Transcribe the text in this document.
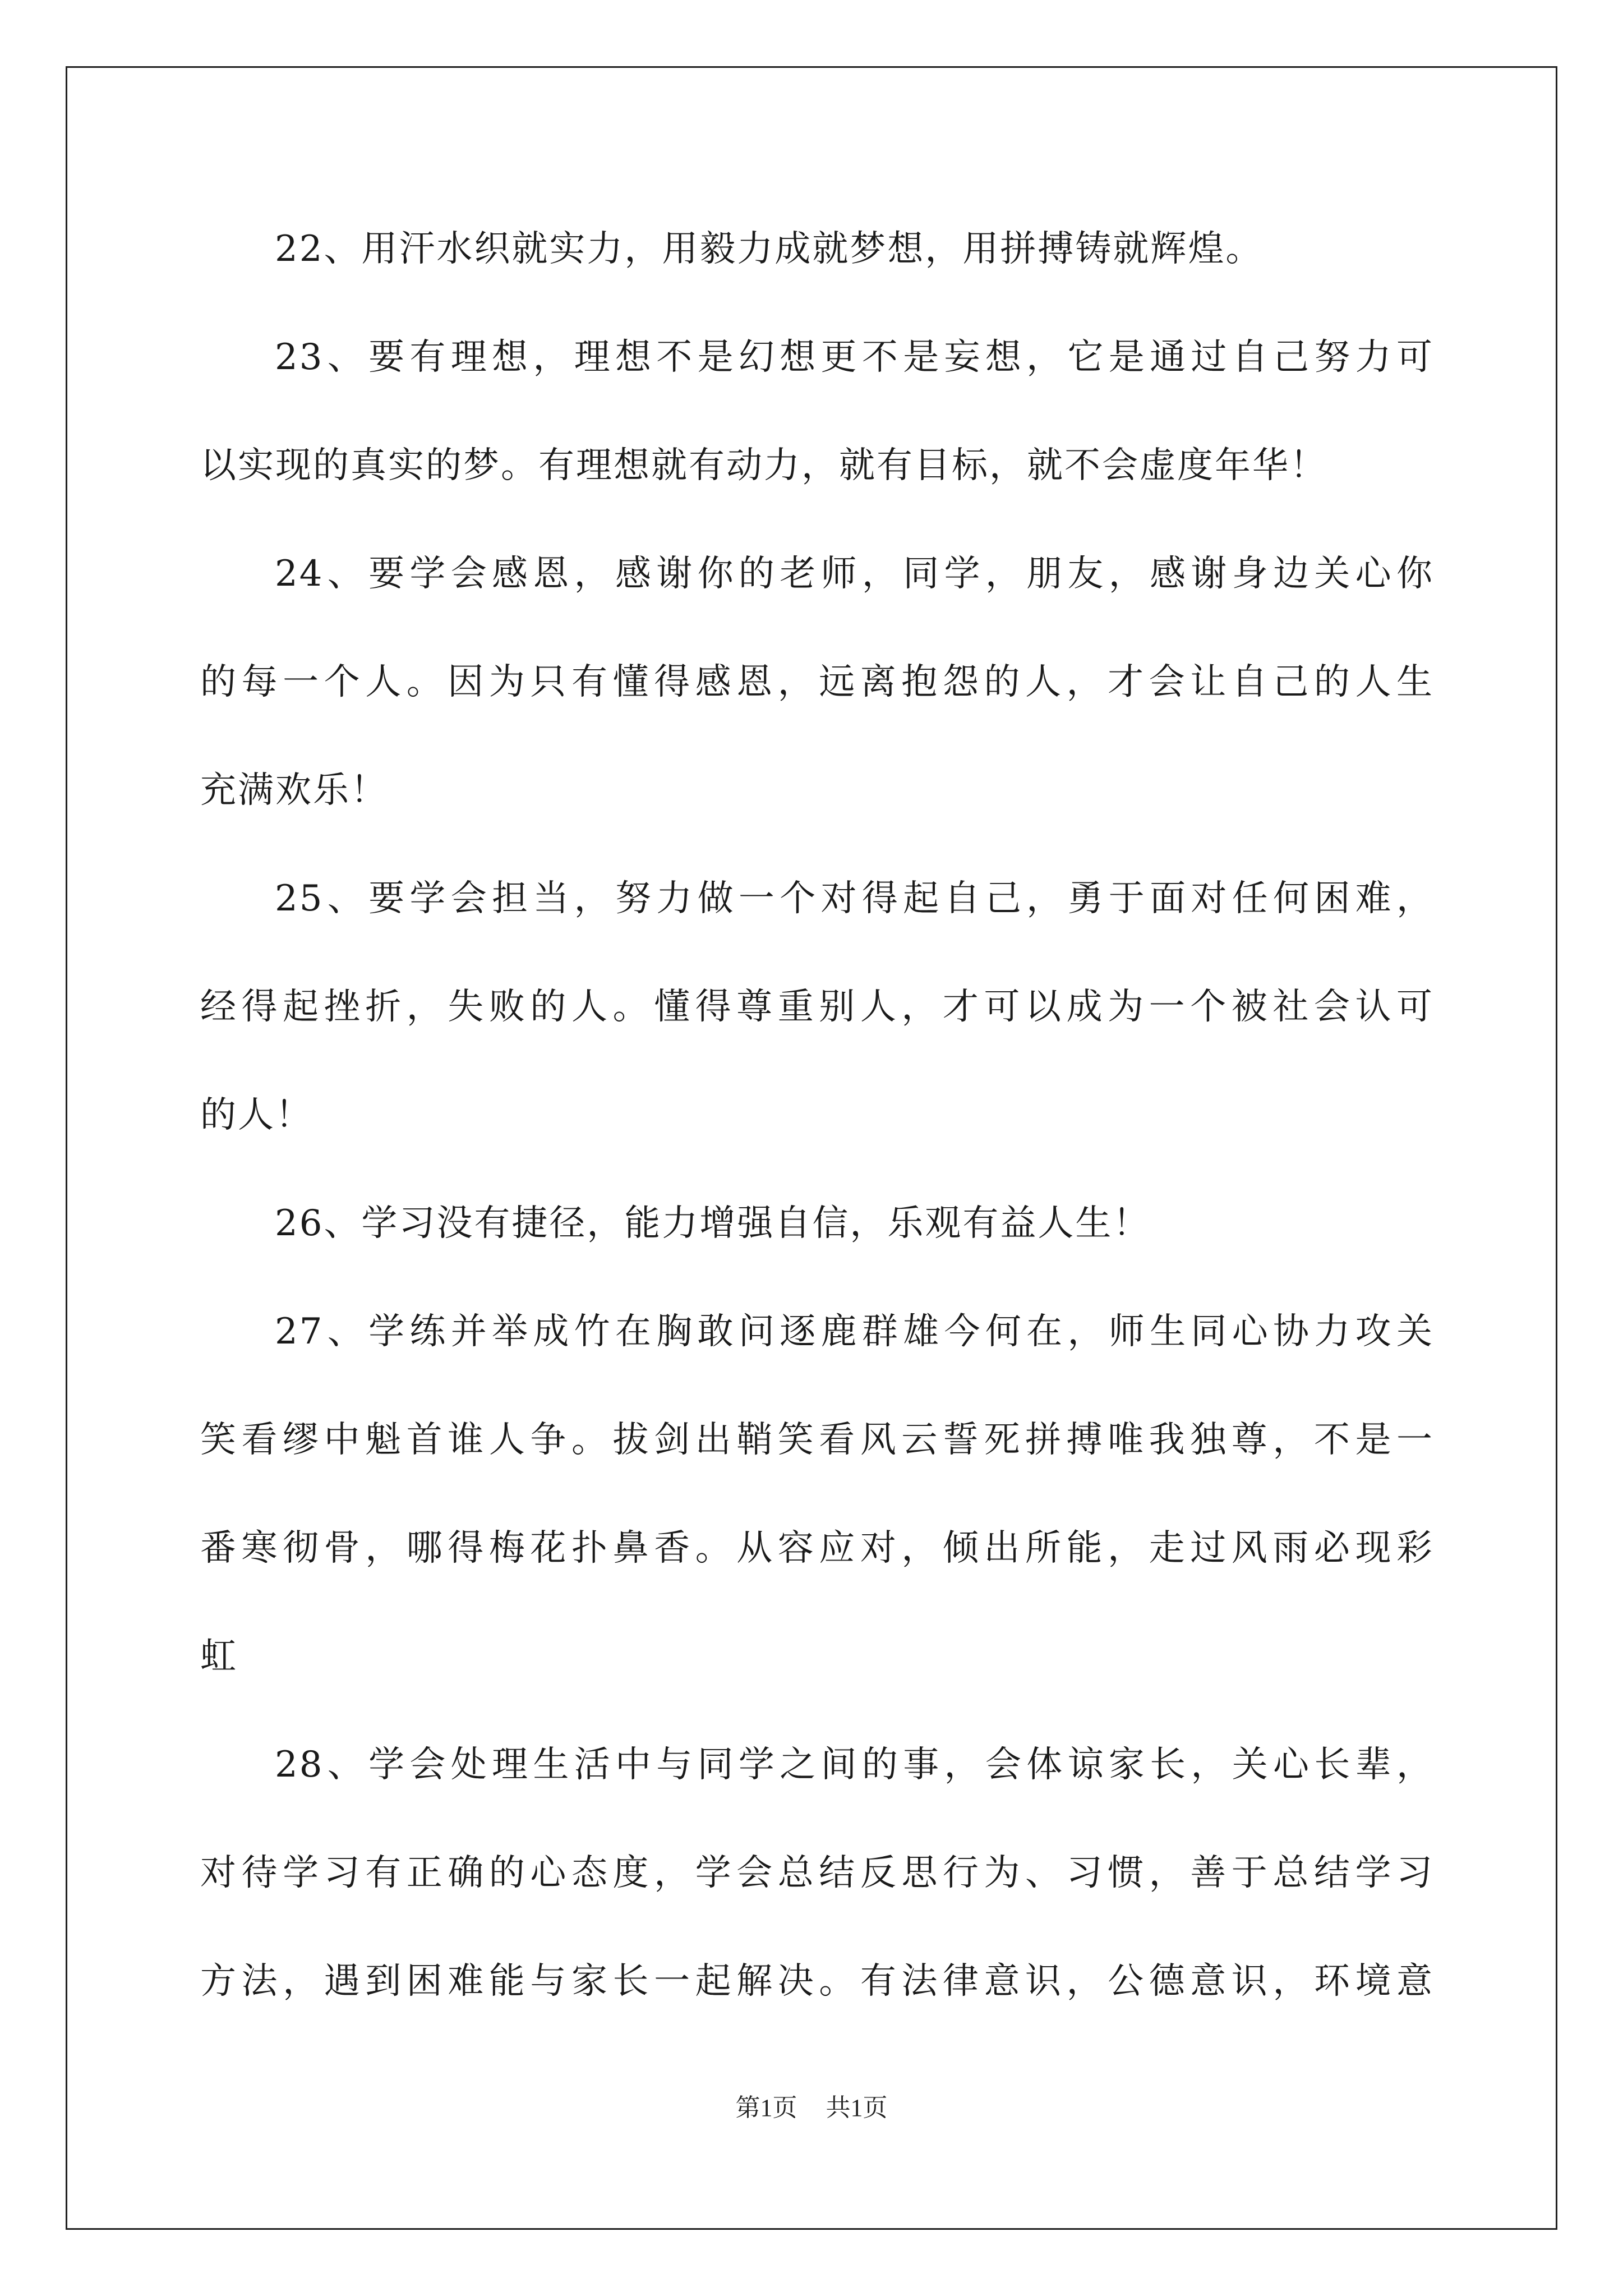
22、用汗水织就实力，用毅力成就梦想，用拼搏铸就辉煌。
23、要有理想，理想不是幻想更不是妄想，它是通过自己努力可
以实现的真实的梦。有理想就有动力，就有目标，就不会虚度年华！
24、要学会感恩，感谢你的老师，同学，朋友，感谢身边关心你
的每一个人。因为只有懂得感恩，远离抱怨的人，才会让自己的人生
充满欢乐！
25、要学会担当，努力做一个对得起自己，勇于面对任何困难，
经得起挫折，失败的人。懂得尊重别人，才可以成为一个被社会认可
的人！
26、学习没有捷径，能力增强自信，乐观有益人生！
27、学练并举成竹在胸敢问逐鹿群雄今何在，师生同心协力攻关
笑看缪中魁首谁人争。拔剑出鞘笑看风云誓死拼搏唯我独尊，不是一
番寒彻骨，哪得梅花扑鼻香。从容应对，倾出所能，走过风雨必现彩
虹
28、学会处理生活中与同学之间的事，会体谅家长，关心长辈，
对待学习有正确的心态度，学会总结反思行为、习惯，善于总结学习
方法，遇到困难能与家长一起解决。有法律意识，公德意识，环境意
第1页 共1页
